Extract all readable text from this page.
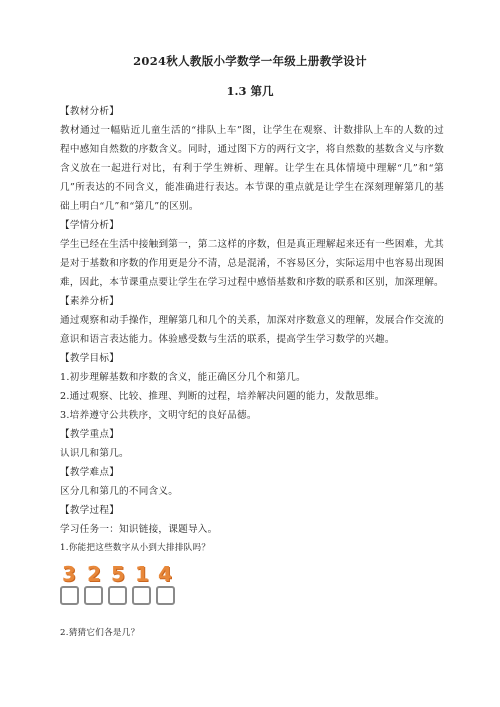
2024秋人教版小学数学一年级上册教学设计
1.3 第几

【教材分析】

教材通过一幅贴近儿童生活的“排队上车”图，让学生在观察、计数排队上车的人数的过程中感知自然数的序数含义。同时，通过图下方的两行文字，将自然数的基数含义与序数含义放在一起进行对比，有利于学生辨析、理解。让学生在具体情境中理解“几”和“第几”所表达的不同含义，能准确进行表达。本节课的重点就是让学生在深刻理解第几的基础上明白“几”和“第几”的区别。

【学情分析】

学生已经在生活中接触到第一，第二这样的序数，但是真正理解起来还有一些困难，尤其是对于基数和序数的作用更是分不清，总是混淆，不容易区分，实际运用中也容易出现困难，因此，本节课重点要让学生在学习过程中感悟基数和序数的联系和区别，加深理解。

【素养分析】

通过观察和动手操作，理解第几和几个的关系，加深对序数意义的理解，发展合作交流的意识和语言表达能力。体验感受数与生活的联系，提高学生学习数学的兴趣。

【教学目标】

1.初步理解基数和序数的含义，能正确区分几个和第几。

2.通过观察、比较、推理、判断的过程，培养解决问题的能力，发散思维。

3.培养遵守公共秩序，文明守纪的良好品德。

【教学重点】

认识几和第几。

【教学难点】

区分几和第几的不同含义。

【教学过程】

学习任务一：知识链接，课题导入。

1.你能把这些数字从小到大排排队吗？

3 2 5 1 4

2.猜猜它们各是几？
